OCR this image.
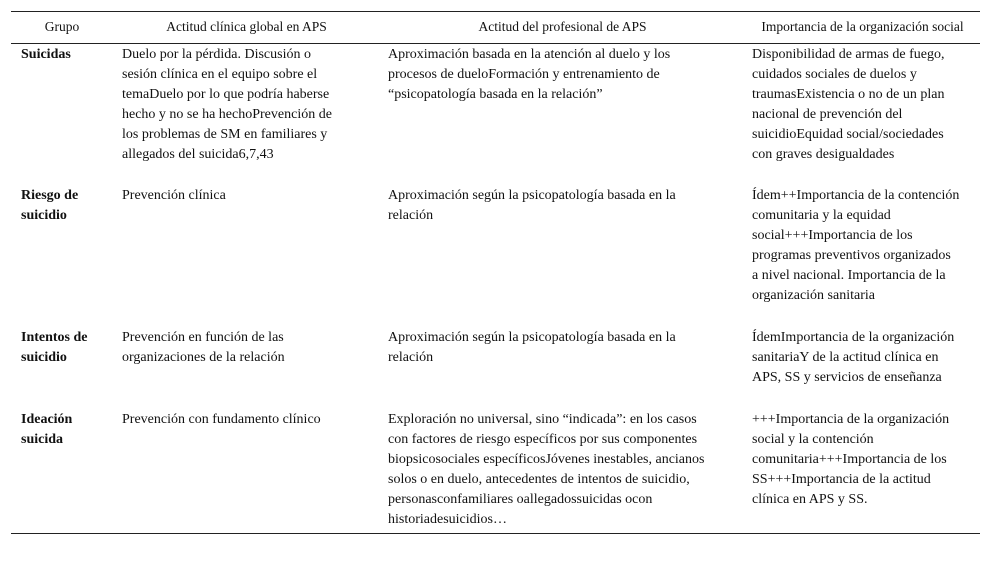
Grupo	Actitud clínica global en APS	Actitud del profesional de APS	Importancia de la organización social
Suicidas	Duelo por la pérdida. Discusión o sesión clínica en el equipo sobre el temaDuelo por lo que podría haberse hecho y no se ha hechoPrevención de los problemas de SM en familiares y allegados del suicida6,7,43	Aproximación basada en la atención al duelo y los procesos de dueloFormación y entrenamiento de “psicopatología basada en la relación”	Disponibilidad de armas de fuego, cuidados sociales de duelos y traumasExistencia o no de un plan nacional de prevención del suicidioEquidad social/sociedades con graves desigualdades
Riesgo de suicidio	Prevención clínica	Aproximación según la psicopatología basada en la relación	Ídem++Importancia de la contención comunitaria y la equidad social+++Importancia de los programas preventivos organizados a nivel nacional. Importancia de la organización sanitaria
Intentos de suicidio	Prevención en función de las organizaciones de la relación	Aproximación según la psicopatología basada en la relación	ÍdemImportancia de la organización sanitariaY de la actitud clínica en APS, SS y servicios de enseñanza
Ideación suicida	Prevención con fundamento clínico	Exploración no universal, sino “indicada”: en los casos con factores de riesgo específicos por sus componentes biopsicosociales específicosJóvenes inestables, ancianos solos o en duelo, antecedentes de intentos de suicidio, personasconfamiliares oallegadossuicidas ocon historiadesuicidios…	+++Importancia de la organización social y la contención comunitaria+++Importancia de los SS+++Importancia de la actitud clínica en APS y SS.
